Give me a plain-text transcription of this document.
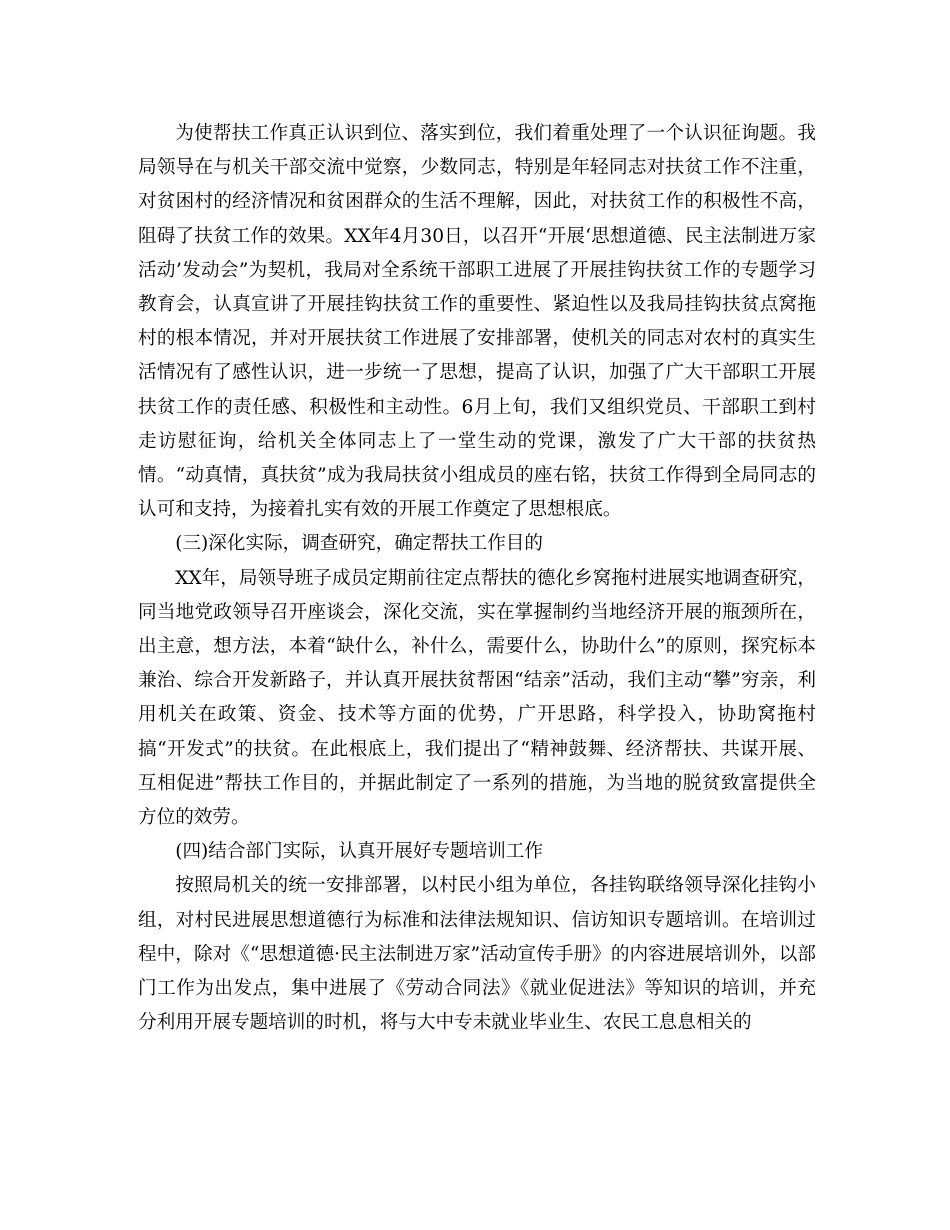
为使帮扶工作真正认识到位、落实到位，我们着重处理了一个认识征询题。我局领导在与机关干部交流中觉察，少数同志，特别是年轻同志对扶贫工作不注重，对贫困村的经济情况和贫困群众的生活不理解，因此，对扶贫工作的积极性不高，阻碍了扶贫工作的效果。XX年4月30日，以召开“开展‘思想道德、民主法制进万家活动’发动会”为契机，我局对全系统干部职工进展了开展挂钩扶贫工作的专题学习教育会，认真宣讲了开展挂钩扶贫工作的重要性、紧迫性以及我局挂钩扶贫点窝拖村的根本情况，并对开展扶贫工作进展了安排部署，使机关的同志对农村的真实生活情况有了感性认识，进一步统一了思想，提高了认识，加强了广大干部职工开展扶贫工作的责任感、积极性和主动性。6月上旬，我们又组织党员、干部职工到村走访慰征询，给机关全体同志上了一堂生动的党课，激发了广大干部的扶贫热情。“动真情，真扶贫”成为我局扶贫小组成员的座右铭，扶贫工作得到全局同志的认可和支持，为接着扎实有效的开展工作奠定了思想根底。

(三)深化实际，调查研究，确定帮扶工作目的

XX年，局领导班子成员定期前往定点帮扶的德化乡窝拖村进展实地调查研究，同当地党政领导召开座谈会，深化交流，实在掌握制约当地经济开展的瓶颈所在，出主意，想方法，本着“缺什么，补什么，需要什么，协助什么”的原则，探究标本兼治、综合开发新路子，并认真开展扶贫帮困“结亲”活动，我们主动“攀”穷亲，利用机关在政策、资金、技术等方面的优势，广开思路，科学投入，协助窝拖村搞“开发式”的扶贫。在此根底上，我们提出了“精神鼓舞、经济帮扶、共谋开展、互相促进”帮扶工作目的，并据此制定了一系列的措施，为当地的脱贫致富提供全方位的效劳。

(四)结合部门实际，认真开展好专题培训工作

按照局机关的统一安排部署，以村民小组为单位，各挂钩联络领导深化挂钩小组，对村民进展思想道德行为标准和法律法规知识、信访知识专题培训。在培训过程中，除对《“思想道德·民主法制进万家”活动宣传手册》的内容进展培训外，以部门工作为出发点，集中进展了《劳动合同法》《就业促进法》等知识的培训，并充分利用开展专题培训的时机，将与大中专未就业毕业生、农民工息息相关的
